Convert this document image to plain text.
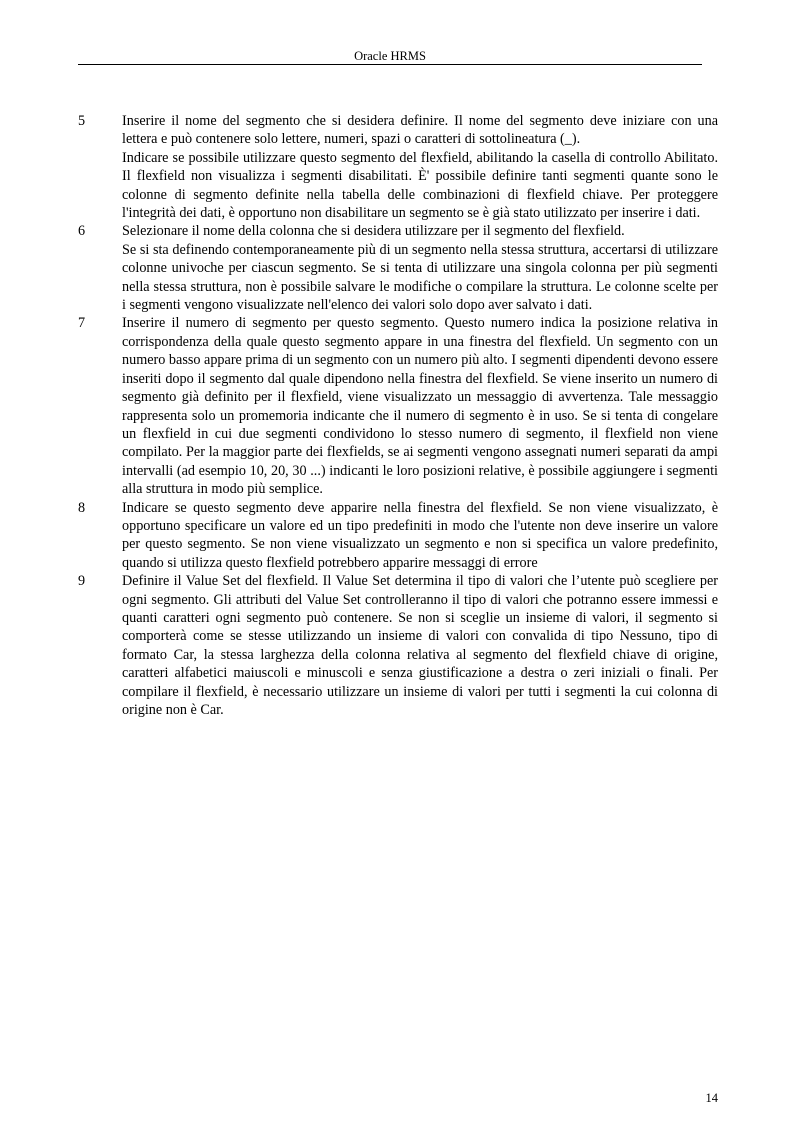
Oracle HRMS
5	Inserire il nome del segmento che si desidera definire. Il nome del segmento deve iniziare con una lettera e può contenere solo lettere, numeri, spazi o caratteri di sottolineatura (_).

Indicare se possibile utilizzare questo segmento del flexfield, abilitando la casella di controllo Abilitato. Il flexfield non visualizza i segmenti disabilitati. È' possibile definire tanti segmenti quante sono le colonne di segmento definite nella tabella delle combinazioni di flexfield chiave. Per proteggere l'integrità dei dati, è opportuno non disabilitare un segmento se è già stato utilizzato per inserire i dati.

6	Selezionare il nome della colonna che si desidera utilizzare per il segmento del flexfield.

Se si sta definendo contemporaneamente più di un segmento nella stessa struttura, accertarsi di utilizzare colonne univoche per ciascun segmento. Se si tenta di utilizzare una singola colonna per più segmenti nella stessa struttura, non è possibile salvare le modifiche o compilare la struttura. Le colonne scelte per i segmenti vengono visualizzate nell'elenco dei valori solo dopo aver salvato i dati.

7	Inserire il numero di segmento per questo segmento. Questo numero indica la posizione relativa in corrispondenza della quale questo segmento appare in una finestra del flexfield. Un segmento con un numero basso appare prima di un segmento con un numero più alto. I segmenti dipendenti devono essere inseriti dopo il segmento dal quale dipendono nella finestra del flexfield. Se viene inserito un numero di segmento già definito per il flexfield, viene visualizzato un messaggio di avvertenza. Tale messaggio rappresenta solo un promemoria indicante che il numero di segmento è in uso. Se si tenta di congelare un flexfield in cui due segmenti condividono lo stesso numero di segmento, il flexfield non viene compilato. Per la maggior parte dei flexfields, se ai segmenti vengono assegnati numeri separati da ampi intervalli (ad esempio 10, 20, 30 ...) indicanti le loro posizioni relative, è possibile aggiungere i segmenti alla struttura in modo più semplice.

8	Indicare se questo segmento deve apparire nella finestra del flexfield. Se non viene visualizzato, è opportuno specificare un valore ed un tipo predefiniti in modo che l'utente non deve inserire un valore per questo segmento. Se non viene visualizzato un segmento e non si specifica un valore predefinito, quando si utilizza questo flexfield potrebbero apparire messaggi di errore

9	Definire il Value Set del flexfield. Il Value Set determina il tipo di valori che l’utente può scegliere per ogni segmento. Gli attributi del Value Set controlleranno il tipo di valori che potranno essere immessi e quanti caratteri ogni segmento può contenere. Se non si sceglie un insieme di valori, il segmento si comporterà come se stesse utilizzando un insieme di valori con convalida di tipo Nessuno, tipo di formato Car, la stessa larghezza della colonna relativa al segmento del flexfield chiave di origine, caratteri alfabetici maiuscoli e minuscoli e senza giustificazione a destra o zeri iniziali o finali. Per compilare il flexfield, è necessario utilizzare un insieme di valori per tutti i segmenti la cui colonna di origine non è Car.

14
